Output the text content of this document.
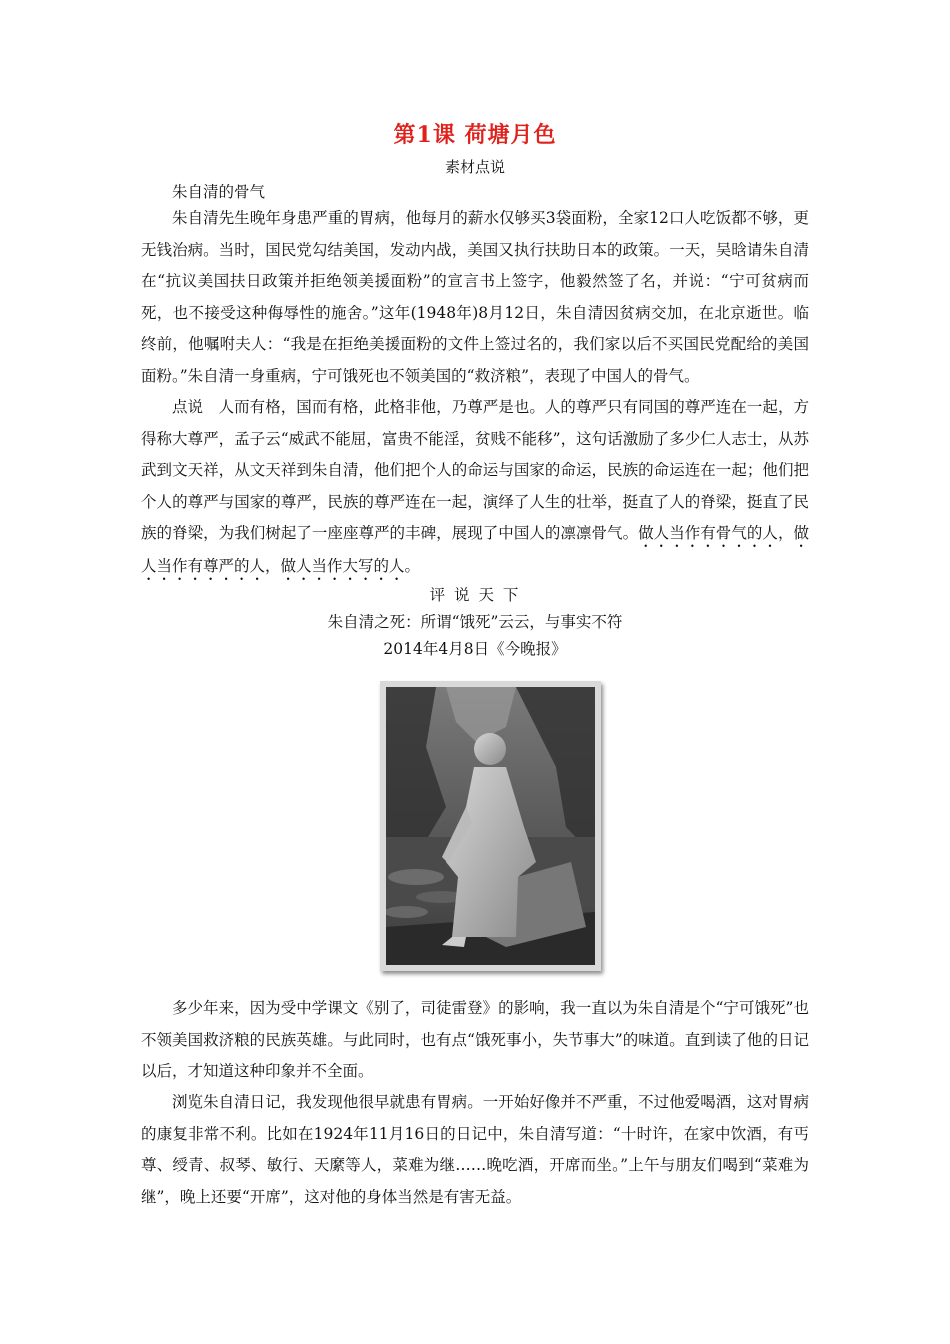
第1课 荷塘月色
素材点说

朱自清的骨气

朱自清先生晚年身患严重的胃病，他每月的薪水仅够买3袋面粉，全家12口人吃饭都不够，更无钱治病。当时，国民党勾结美国，发动内战，美国又执行扶助日本的政策。一天，吴晗请朱自清在“抗议美国扶日政策并拒绝领美援面粉”的宣言书上签字，他毅然签了名，并说：“宁可贫病而死，也不接受这种侮辱性的施舍。”这年(1948年)8月12日，朱自清因贫病交加，在北京逝世。临终前，他嘱咐夫人：“我是在拒绝美援面粉的文件上签过名的，我们家以后不买国民党配给的美国面粉。”朱自清一身重病，宁可饿死也不领美国的“救济粮”，表现了中国人的骨气。

点说　人而有格，国而有格，此格非他，乃尊严是也。人的尊严只有同国的尊严连在一起，方得称大尊严，孟子云“威武不能屈，富贵不能淫，贫贱不能移”，这句话激励了多少仁人志士，从苏武到文天祥，从文天祥到朱自清，他们把个人的命运与国家的命运，民族的命运连在一起；他们把个人的尊严与国家的尊严，民族的尊严连在一起，演绎了人生的壮举，挺直了人的脊梁，挺直了民族的脊梁，为我们树起了一座座尊严的丰碑，展现了中国人的凛凛骨气。做人当作有骨气的人，做人当作有尊严的人，做人当作大写的人。

评 说 天 下
朱自清之死：所谓“饿死”云云，与事实不符
2014年4月8日《今晚报》

多少年来，因为受中学课文《别了，司徒雷登》的影响，我一直以为朱自清是个“宁可饿死”也不领美国救济粮的民族英雄。与此同时，也有点“饿死事小，失节事大”的味道。直到读了他的日记以后，才知道这种印象并不全面。

浏览朱自清日记，我发现他很早就患有胃病。一开始好像并不严重，不过他爱喝酒，这对胃病的康复非常不利。比如在1924年11月16日的日记中，朱自清写道：“十时许，在家中饮酒，有丐尊、绶青、叔琴、敏行、天縻等人，菜难为继……晚吃酒，开席而坐。”上午与朋友们喝到“菜难为继”，晚上还要“开席”，这对他的身体当然是有害无益。
